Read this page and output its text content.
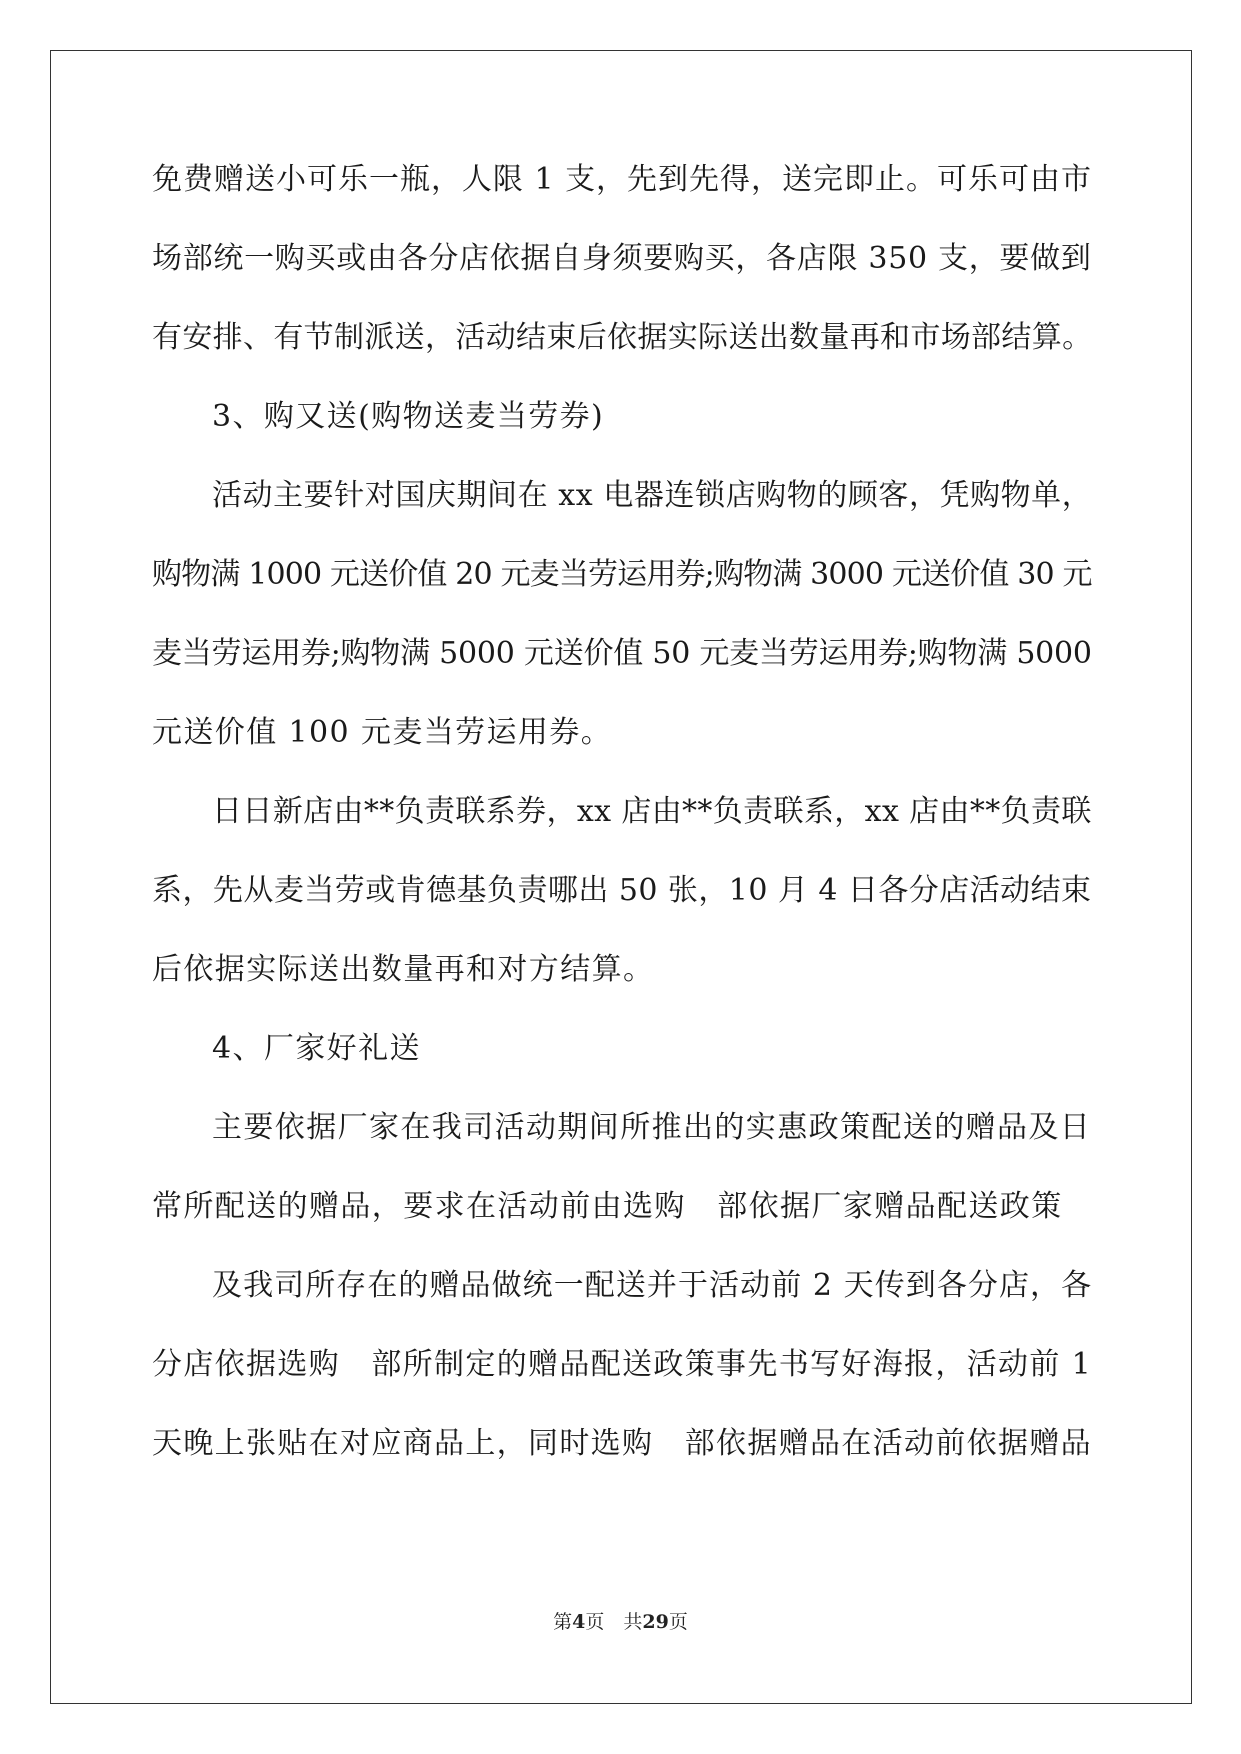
免费赠送小可乐一瓶，人限 1 支，先到先得，送完即止。可乐可由市
场部统一购买或由各分店依据自身须要购买，各店限 350 支，要做到
有安排、有节制派送，活动结束后依据实际送出数量再和市场部结算。
3、购又送(购物送麦当劳券)
活动主要针对国庆期间在 xx 电器连锁店购物的顾客，凭购物单，
购物满 1000 元送价值 20 元麦当劳运用券;购物满 3000 元送价值 30 元
麦当劳运用券;购物满 5000 元送价值 50 元麦当劳运用券;购物满 5000
元送价值 100 元麦当劳运用券。
日日新店由**负责联系券，xx 店由**负责联系，xx 店由**负责联
系，先从麦当劳或肯德基负责哪出 50 张，10 月 4 日各分店活动结束
后依据实际送出数量再和对方结算。
4、厂家好礼送
主要依据厂家在我司活动期间所推出的实惠政策配送的赠品及日
常所配送的赠品，要求在活动前由选购　部依据厂家赠品配送政策
及我司所存在的赠品做统一配送并于活动前 2 天传到各分店，各
分店依据选购　部所制定的赠品配送政策事先书写好海报，活动前 1
天晚上张贴在对应商品上，同时选购　部依据赠品在活动前依据赠品
第4页　 共29页
